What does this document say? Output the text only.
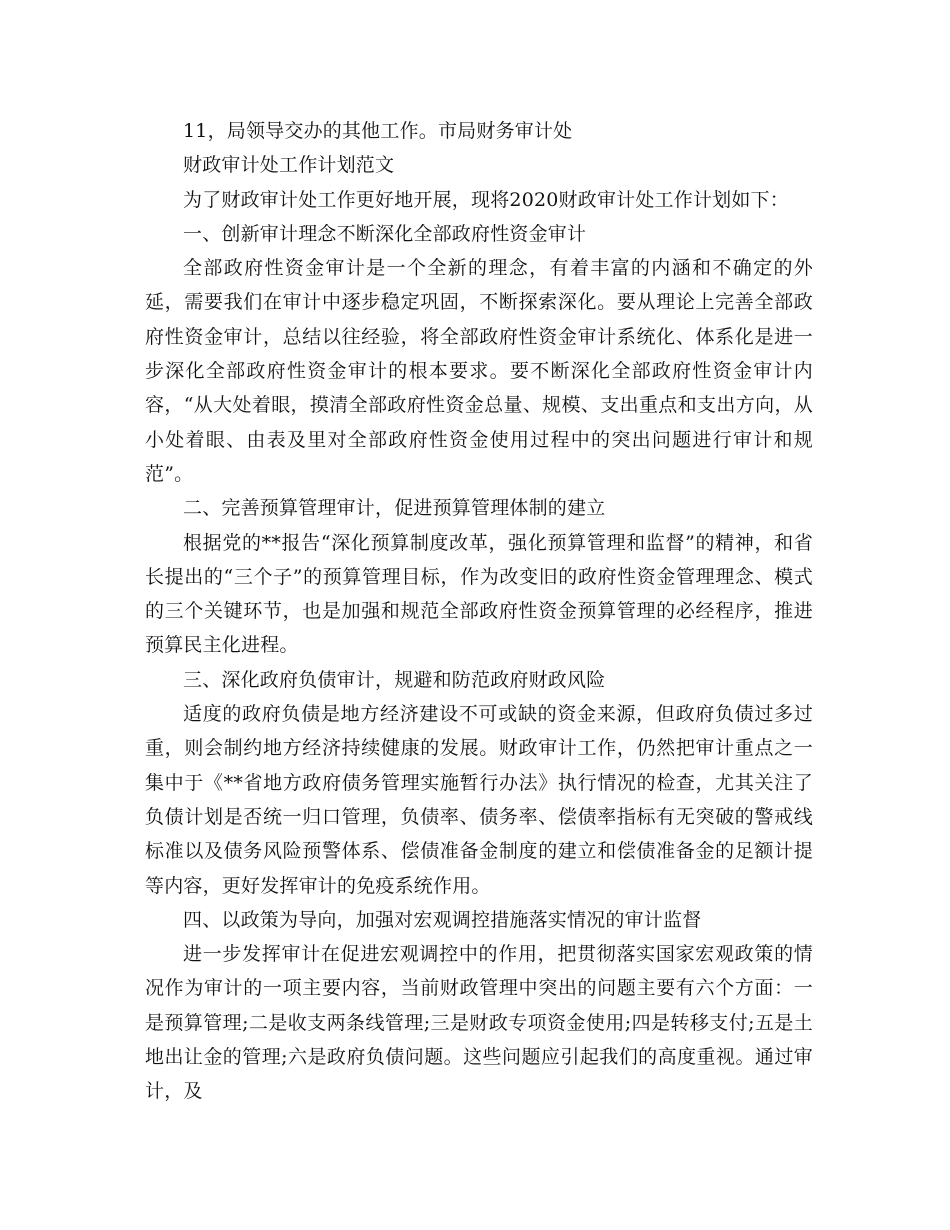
11，局领导交办的其他工作。市局财务审计处

财政审计处工作计划范文

为了财政审计处工作更好地开展，现将2020财政审计处工作计划如下：

一、创新审计理念不断深化全部政府性资金审计

全部政府性资金审计是一个全新的理念，有着丰富的内涵和不确定的外延，需要我们在审计中逐步稳定巩固，不断探索深化。要从理论上完善全部政府性资金审计，总结以往经验，将全部政府性资金审计系统化、体系化是进一步深化全部政府性资金审计的根本要求。要不断深化全部政府性资金审计内容，“从大处着眼，摸清全部政府性资金总量、规模、支出重点和支出方向，从小处着眼、由表及里对全部政府性资金使用过程中的突出问题进行审计和规范”。

二、完善预算管理审计，促进预算管理体制的建立

根据党的**报告“深化预算制度改革，强化预算管理和监督”的精神，和省长提出的“三个子”的预算管理目标，作为改变旧的政府性资金管理理念、模式的三个关键环节，也是加强和规范全部政府性资金预算管理的必经程序，推进预算民主化进程。

三、深化政府负债审计，规避和防范政府财政风险

适度的政府负债是地方经济建设不可或缺的资金来源，但政府负债过多过重，则会制约地方经济持续健康的发展。财政审计工作，仍然把审计重点之一集中于《**省地方政府债务管理实施暂行办法》执行情况的检查，尤其关注了负债计划是否统一归口管理，负债率、债务率、偿债率指标有无突破的警戒线标准以及债务风险预警体系、偿债准备金制度的建立和偿债准备金的足额计提等内容，更好发挥审计的免疫系统作用。

四、以政策为导向，加强对宏观调控措施落实情况的审计监督

进一步发挥审计在促进宏观调控中的作用，把贯彻落实国家宏观政策的情况作为审计的一项主要内容，当前财政管理中突出的问题主要有六个方面：一是预算管理;二是收支两条线管理;三是财政专项资金使用;四是转移支付;五是土地出让金的管理;六是政府负债问题。这些问题应引起我们的高度重视。通过审计，及
